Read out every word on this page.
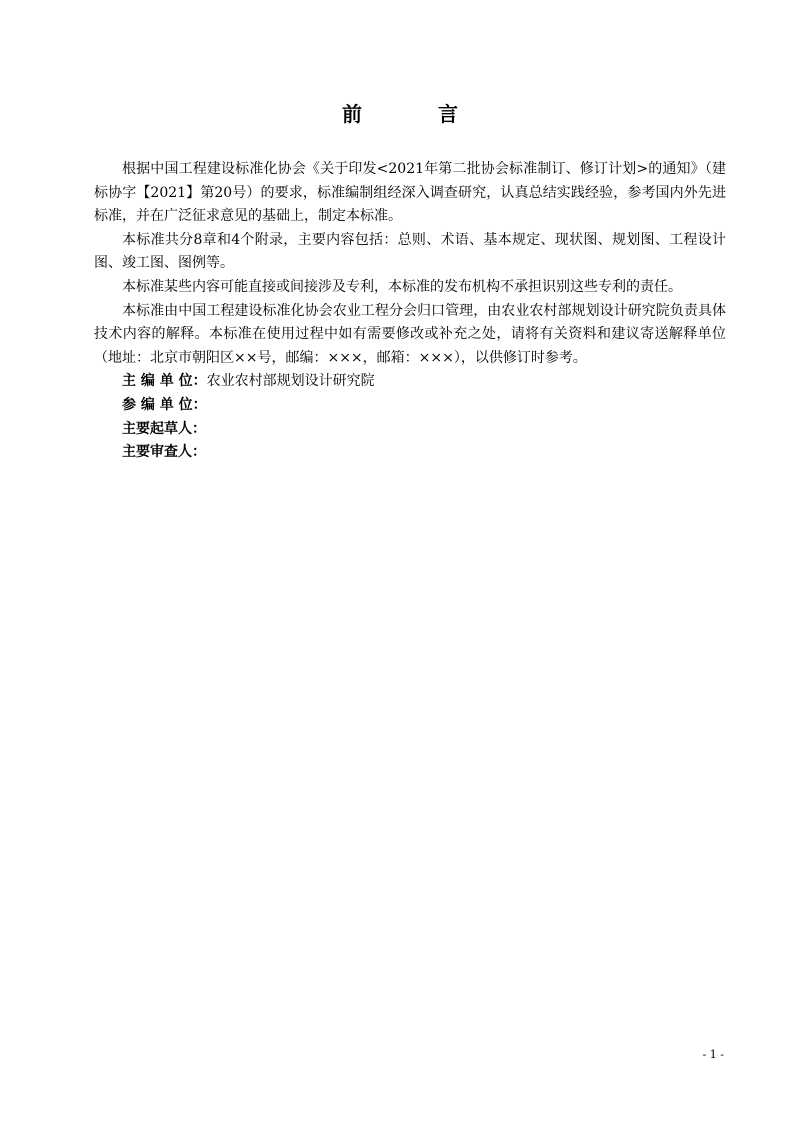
前　言

根据中国工程建设标准化协会《关于印发<2021年第二批协会标准制订、修订计划>的通知》（建标协字【2021】第20号）的要求，标准编制组经深入调查研究，认真总结实践经验，参考国内外先进标准，并在广泛征求意见的基础上，制定本标准。

本标准共分8章和4个附录，主要内容包括：总则、术语、基本规定、现状图、规划图、工程设计图、竣工图、图例等。

本标准某些内容可能直接或间接涉及专利，本标准的发布机构不承担识别这些专利的责任。

本标准由中国工程建设标准化协会农业工程分会归口管理，由农业农村部规划设计研究院负责具体技术内容的解释。本标准在使用过程中如有需要修改或补充之处，请将有关资料和建议寄送解释单位（地址：北京市朝阳区××号，邮编：×××，邮箱：×××），以供修订时参考。

主 编 单 位：农业农村部规划设计研究院

参 编 单 位：

主要起草人：

主要审查人：

- 1 -
